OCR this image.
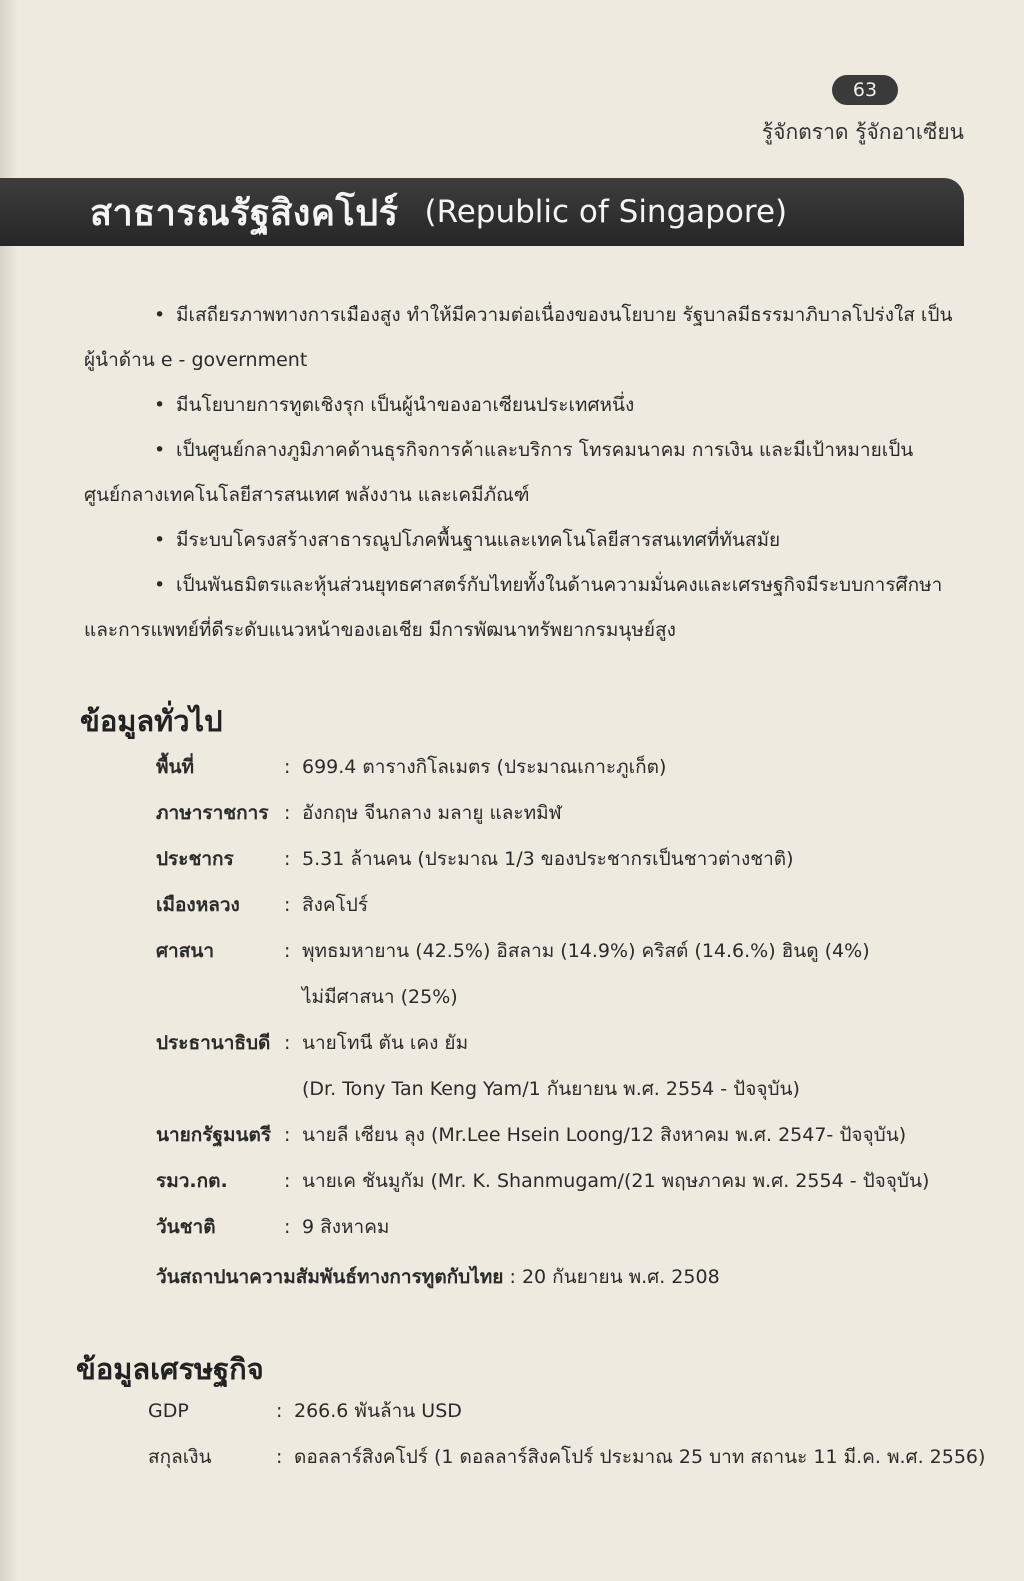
63
รู้จักตราด รู้จักอาเซียน
สาธารณรัฐสิงคโปร์ (Republic of Singapore)
• มีเสถียรภาพทางการเมืองสูง ทำให้มีความต่อเนื่องของนโยบาย รัฐบาลมีธรรมาภิบาลโปร่งใส เป็นผู้นำด้าน e - government
• มีนโยบายการทูตเชิงรุก เป็นผู้นำของอาเซียนประเทศหนึ่ง
• เป็นศูนย์กลางภูมิภาคด้านธุรกิจการค้าและบริการ โทรคมนาคม การเงิน และมีเป้าหมายเป็นศูนย์กลางเทคโนโลยีสารสนเทศ พลังงาน และเคมีภัณฑ์
• มีระบบโครงสร้างสาธารณูปโภคพื้นฐานและเทคโนโลยีสารสนเทศที่ทันสมัย
• เป็นพันธมิตรและหุ้นส่วนยุทธศาสตร์กับไทยทั้งในด้านความมั่นคงและเศรษฐกิจมีระบบการศึกษาและการแพทย์ที่ดีระดับแนวหน้าของเอเชีย มีการพัฒนาทรัพยากรมนุษย์สูง
ข้อมูลทั่วไป
พื้นที่	:	699.4 ตารางกิโลเมตร (ประมาณเกาะภูเก็ต)
ภาษาราชการ	:	อังกฤษ จีนกลาง มลายู และทมิฬ
ประชากร	:	5.31 ล้านคน (ประมาณ 1/3 ของประชากรเป็นชาวต่างชาติ)
เมืองหลวง	:	สิงคโปร์
ศาสนา	:	พุทธมหายาน (42.5%) อิสลาม (14.9%) คริสต์ (14.6.%) ฮินดู (4%)
		ไม่มีศาสนา (25%)
ประธานาธิบดี	:	นายโทนี ตัน เคง ยัม
		(Dr. Tony Tan Keng Yam/1 กันยายน พ.ศ. 2554 - ปัจจุบัน)
นายกรัฐมนตรี	:	นายลี เซียน ลุง (Mr.Lee Hsein Loong/12 สิงหาคม พ.ศ. 2547- ปัจจุบัน)
รมว.กต.	:	นายเค ชันมูกัม (Mr. K. Shanmugam/(21 พฤษภาคม พ.ศ. 2554 - ปัจจุบัน)
วันชาติ	:	9 สิงหาคม
วันสถาปนาความสัมพันธ์ทางการทูตกับไทย : 20 กันยายน พ.ศ. 2508
ข้อมูลเศรษฐกิจ
GDP	:	266.6 พันล้าน USD
สกุลเงิน	:	ดอลลาร์สิงคโปร์ (1 ดอลลาร์สิงคโปร์ ประมาณ 25 บาท สถานะ 11 มี.ค. พ.ศ. 2556)
